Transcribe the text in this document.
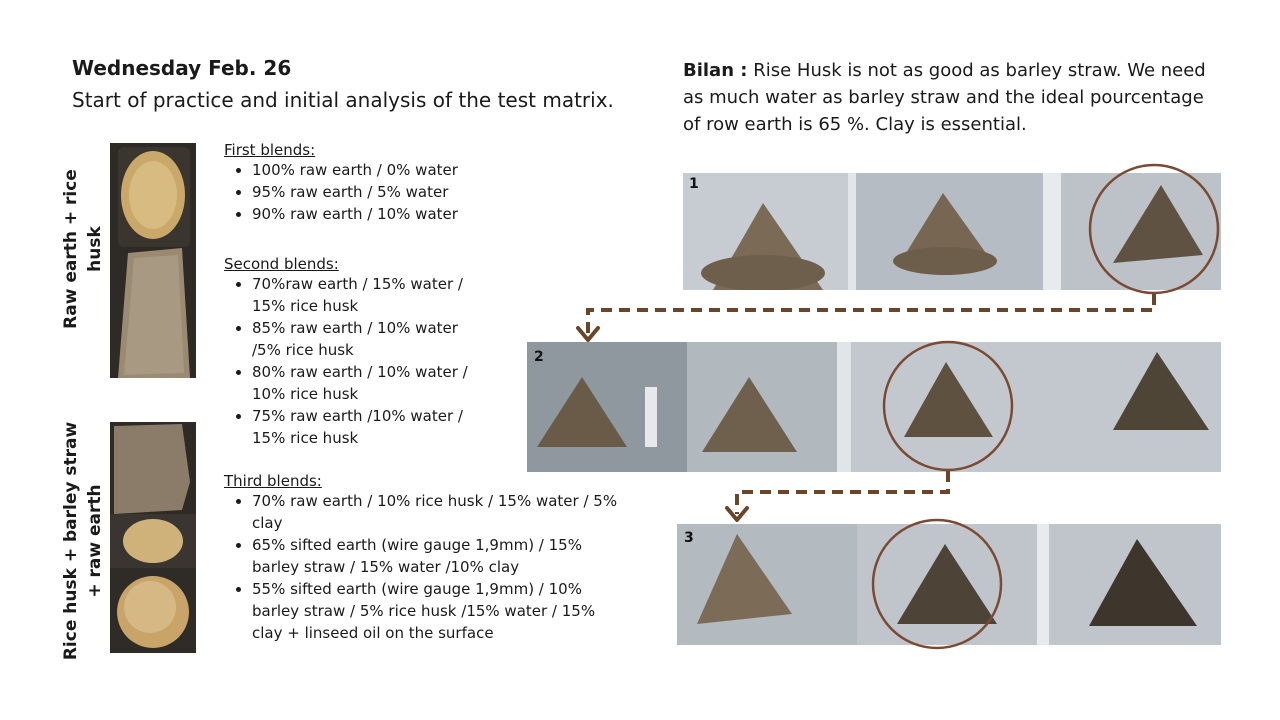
Wednesday Feb. 26
Start of practice and initial analysis of the test matrix.
Bilan : Rise Husk is not as good as barley straw. We need as much water as barley straw and the ideal pourcentage of row earth is 65 %. Clay is essential.
Raw earth + rice husk
Rice husk + barley straw + raw earth
First blends:
• 100% raw earth / 0% water
• 95% raw earth / 5% water
• 90% raw earth / 10% water
Second blends:
• 70%raw earth / 15% water / 15% rice husk
• 85% raw earth / 10% water /5% rice husk
• 80% raw earth / 10% water / 10% rice husk
• 75% raw earth /10% water / 15% rice husk
Third blends:
• 70% raw earth / 10% rice husk / 15% water / 5% clay
• 65% sifted earth (wire gauge 1,9mm) / 15% barley straw / 15% water /10% clay
• 55% sifted earth (wire gauge 1,9mm) / 10% barley straw / 5% rice husk /15% water / 15% clay + linseed oil on the surface
1
2
3
